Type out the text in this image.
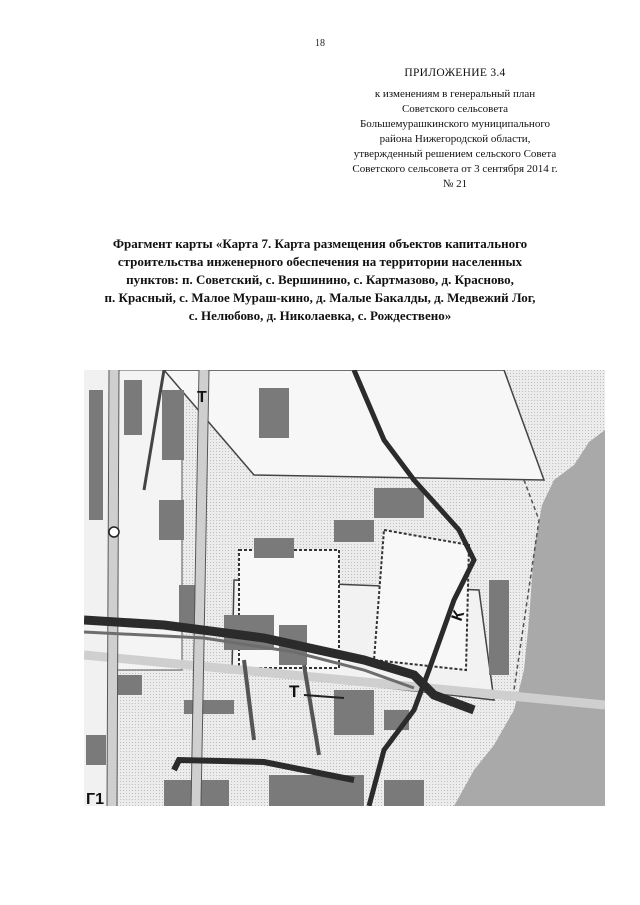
18
ПРИЛОЖЕНИЕ 3.4
к изменениям в генеральный план
Советского сельсовета
Большемурашкинского муниципального
района Нижегородской области,
утвержденный решением сельского Совета
Советского сельсовета от 3 сентября 2014 г.
№ 21
Фрагмент карты «Карта 7. Карта размещения объектов капитального
строительства инженерного обеспечения на территории населенных
пунктов: п. Советский, с. Вершинино, с. Картмазово, д. Красново,
п. Красный, с. Малое Мураш-кино, д. Малые Бакалды, д. Медвежий Лог,
с. Нелюбово, д. Николаевка, с. Рождествено»
К
Т
Т
Г1
